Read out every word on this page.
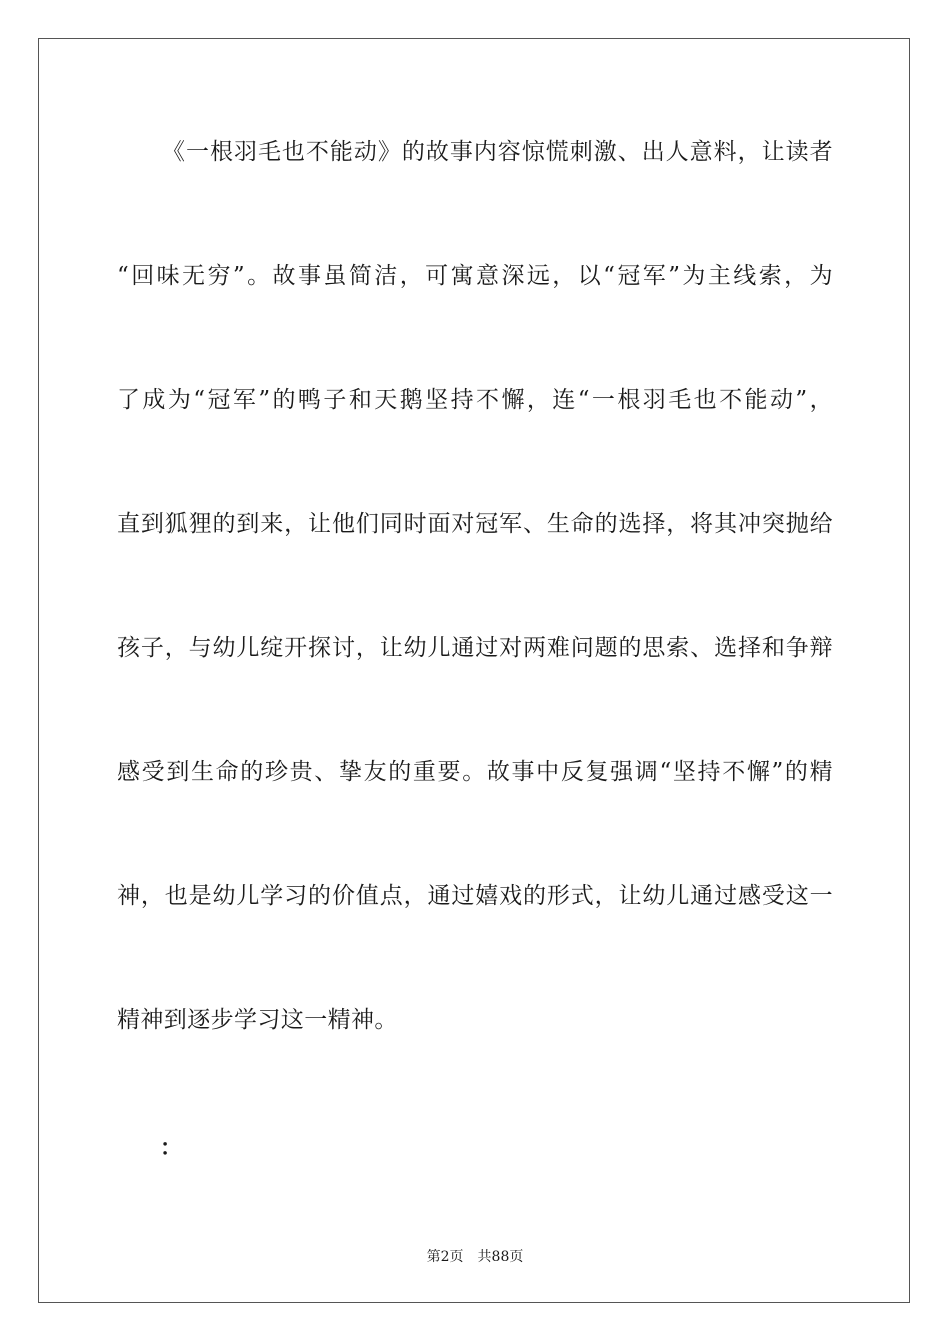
《一根羽毛也不能动》的故事内容惊慌刺激、出人意料，让读者
“回味无穷”。故事虽简洁，可寓意深远，以“冠军”为主线索，为
了成为“冠军”的鸭子和天鹅坚持不懈，连“一根羽毛也不能动”，
直到狐狸的到来，让他们同时面对冠军、生命的选择，将其冲突抛给
孩子，与幼儿绽开探讨，让幼儿通过对两难问题的思索、选择和争辩
感受到生命的珍贵、挚友的重要。故事中反复强调“坚持不懈”的精
神，也是幼儿学习的价值点，通过嬉戏的形式，让幼儿通过感受这一
精神到逐步学习这一精神。
：
第2页 共88页
